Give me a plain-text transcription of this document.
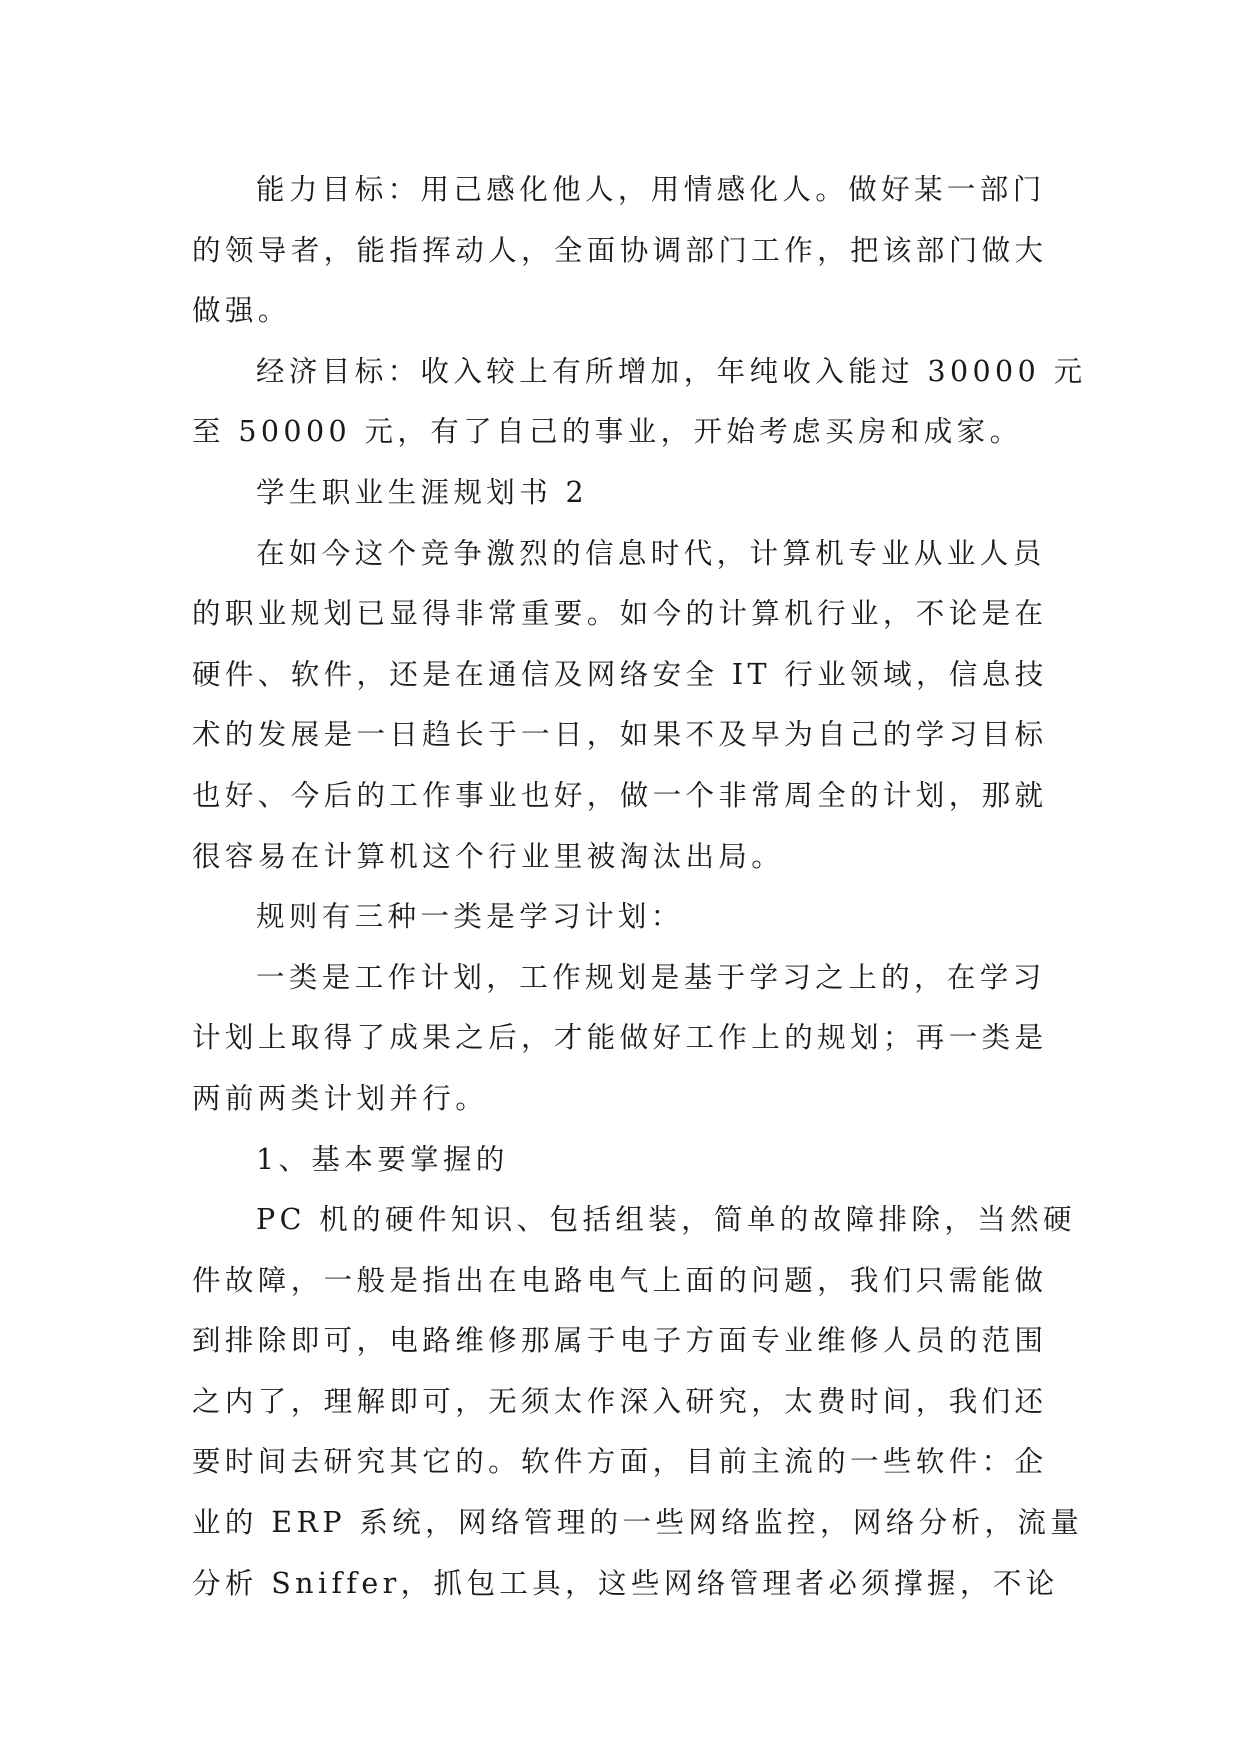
能力目标：用己感化他人，用情感化人。做好某一部门
的领导者，能指挥动人，全面协调部门工作，把该部门做大
做强。

经济目标：收入较上有所增加，年纯收入能过 30000 元
至 50000 元，有了自己的事业，开始考虑买房和成家。

学生职业生涯规划书 2

在如今这个竞争激烈的信息时代，计算机专业从业人员
的职业规划已显得非常重要。如今的计算机行业，不论是在
硬件、软件，还是在通信及网络安全 IT 行业领域，信息技
术的发展是一日趋长于一日，如果不及早为自己的学习目标
也好、今后的工作事业也好，做一个非常周全的计划，那就
很容易在计算机这个行业里被淘汰出局。

规则有三种一类是学习计划：

一类是工作计划，工作规划是基于学习之上的，在学习
计划上取得了成果之后，才能做好工作上的规划；再一类是
两前两类计划并行。

1、基本要掌握的

PC 机的硬件知识、包括组装，简单的故障排除，当然硬
件故障，一般是指出在电路电气上面的问题，我们只需能做
到排除即可，电路维修那属于电子方面专业维修人员的范围
之内了，理解即可，无须太作深入研究，太费时间，我们还
要时间去研究其它的。软件方面，目前主流的一些软件：企
业的 ERP 系统，网络管理的一些网络监控，网络分析，流量
分析 Sniffer，抓包工具，这些网络管理者必须撑握，不论
